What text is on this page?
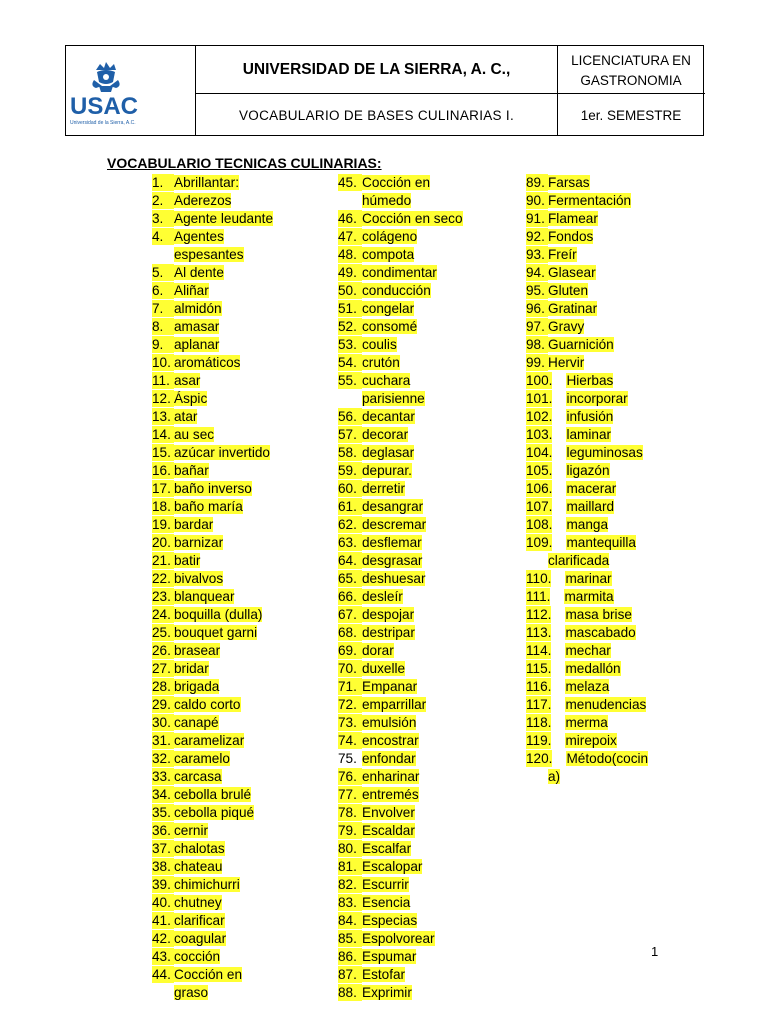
USAC
Universidad de la Sierra, A.C.
UNIVERSIDAD DE LA SIERRA, A. C.,
VOCABULARIO DE BASES CULINARIAS I.
LICENCIATURA EN
GASTRONOMIA
1er. SEMESTRE
VOCABULARIO TECNICAS CULINARIAS:
1. Abrillantar:
2. Aderezos
3. Agente leudante
4. Agentes
espesantes
5. Al dente
6. Aliñar
7. almidón
8. amasar
9. aplanar
10. aromáticos
11. asar
12. Áspic
13. atar
14. au sec
15. azúcar invertido
16. bañar
17. baño inverso
18. baño maría
19. bardar
20. barnizar
21. batir
22. bivalvos
23. blanquear
24. boquilla (dulla)
25. bouquet garni
26. brasear
27. bridar
28. brigada
29. caldo corto
30. canapé
31. caramelizar
32. caramelo
33. carcasa
34. cebolla brulé
35. cebolla piqué
36. cernir
37. chalotas
38. chateau
39. chimichurri
40. chutney
41. clarificar
42. coagular
43. cocción
44. Cocción en
graso
45. Cocción en
húmedo
46. Cocción en seco
47. colágeno
48. compota
49. condimentar
50. conducción
51. congelar
52. consomé
53. coulis
54. crutón
55. cuchara
parisienne
56. decantar
57. decorar
58. deglasar
59. depurar.
60. derretir
61. desangrar
62. descremar
63. desflemar
64. desgrasar
65. deshuesar
66. desleír
67. despojar
68. destripar
69. dorar
70. duxelle
71. Empanar
72. emparrillar
73. emulsión
74. encostrar
75. enfondar
76. enharinar
77. entremés
78. Envolver
79. Escaldar
80. Escalfar
81. Escalopar
82. Escurrir
83. Esencia
84. Especias
85. Espolvorear
86. Espumar
87. Estofar
88. Exprimir
89. Farsas
90. Fermentación
91. Flamear
92. Fondos
93. Freír
94. Glasear
95. Gluten
96. Gratinar
97. Gravy
98. Guarnición
99. Hervir
100. Hierbas
101. incorporar
102. infusión
103. laminar
104. leguminosas
105. ligazón
106. macerar
107. maillard
108. manga
109. mantequilla
clarificada
110. marinar
111. marmita
112. masa brise
113. mascabado
114. mechar
115. medallón
116. melaza
117. menudencias
118. merma
119. mirepoix
120. Método(cocin
a)
1
